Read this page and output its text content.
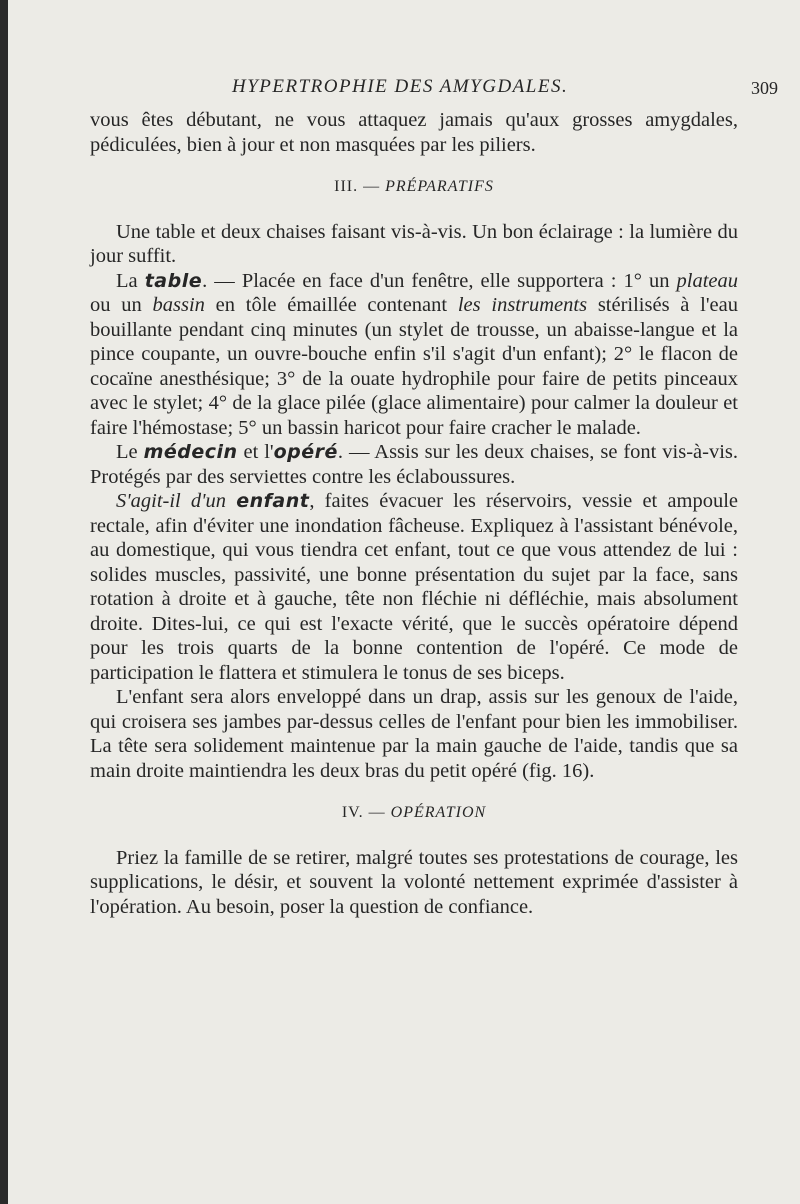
HYPERTROPHIE DES AMYGDALES.	309

vous êtes débutant, ne vous attaquez jamais qu'aux grosses amygdales, pédiculées, bien à jour et non masquées par les piliers.

III. — PRÉPARATIFS

Une table et deux chaises faisant vis-à-vis. Un bon éclairage : la lumière du jour suffit.

La table. — Placée en face d'un fenêtre, elle supportera : 1° un plateau ou un bassin en tôle émaillée contenant les instruments stérilisés à l'eau bouillante pendant cinq minutes (un stylet de trousse, un abaisse-langue et la pince coupante, un ouvre-bouche enfin s'il s'agit d'un enfant); 2° le flacon de cocaïne anesthésique; 3° de la ouate hydrophile pour faire de petits pinceaux avec le stylet; 4° de la glace pilée (glace alimentaire) pour calmer la douleur et faire l'hémostase; 5° un bassin haricot pour faire cracher le malade.

Le médecin et l'opéré. — Assis sur les deux chaises, se font vis-à-vis. Protégés par des serviettes contre les éclaboussures.

S'agit-il d'un enfant, faites évacuer les réservoirs, vessie et ampoule rectale, afin d'éviter une inondation fâcheuse. Expliquez à l'assistant bénévole, au domestique, qui vous tiendra cet enfant, tout ce que vous attendez de lui : solides muscles, passivité, une bonne présentation du sujet par la face, sans rotation à droite et à gauche, tête non fléchie ni défléchie, mais absolument droite. Dites-lui, ce qui est l'exacte vérité, que le succès opératoire dépend pour les trois quarts de la bonne contention de l'opéré. Ce mode de participation le flattera et stimulera le tonus de ses biceps.

L'enfant sera alors enveloppé dans un drap, assis sur les genoux de l'aide, qui croisera ses jambes par-dessus celles de l'enfant pour bien les immobiliser. La tête sera solidement maintenue par la main gauche de l'aide, tandis que sa main droite maintiendra les deux bras du petit opéré (fig. 16).

IV. — OPÉRATION

Priez la famille de se retirer, malgré toutes ses protestations de courage, les supplications, le désir, et souvent la volonté nettement exprimée d'assister à l'opération. Au besoin, poser la question de confiance.
